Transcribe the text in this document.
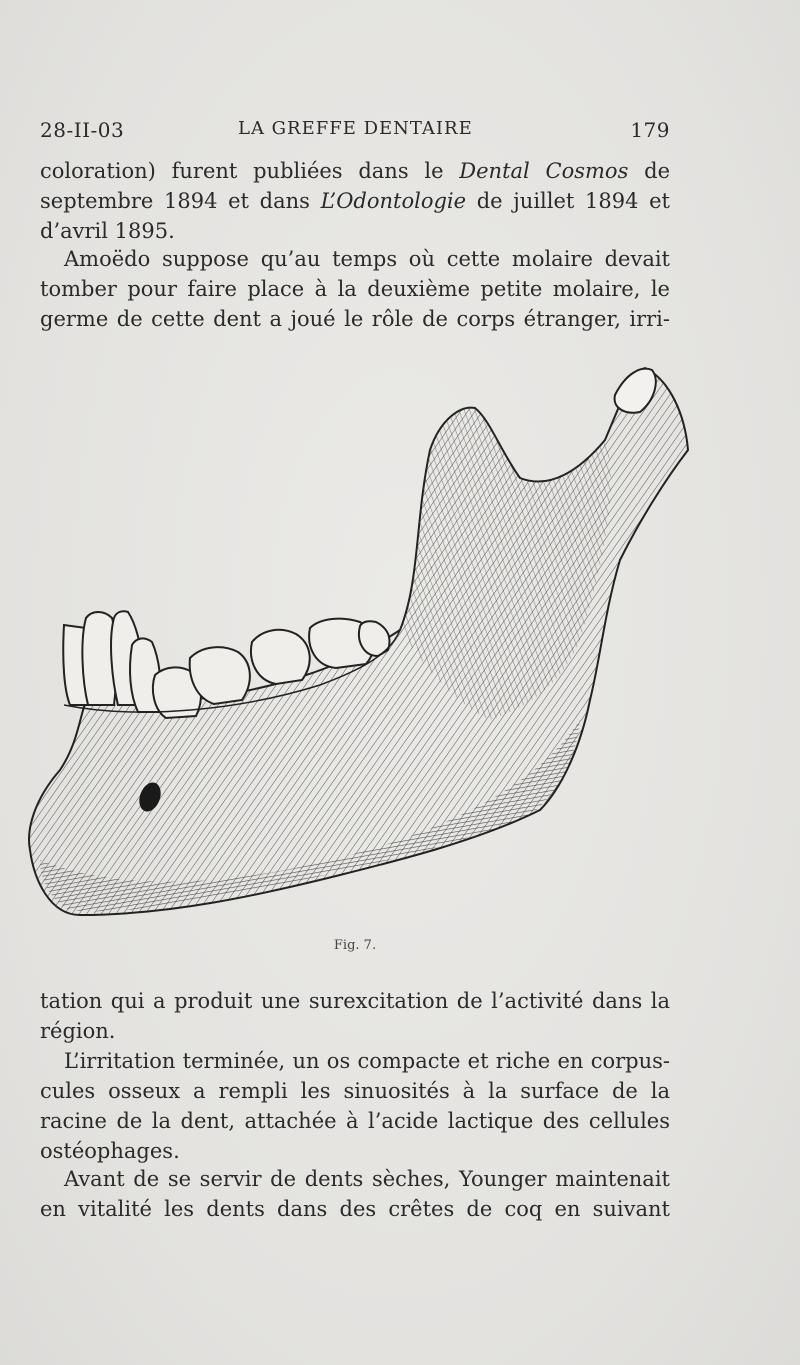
28-II-03	LA GREFFE DENTAIRE	179
coloration) furent publiées dans le Dental Cosmos de
septembre 1894 et dans L’Odontologie de juillet 1894 et
d’avril 1895.
Amoëdo suppose qu’au temps où cette molaire devait
tomber pour faire place à la deuxième petite molaire, le
germe de cette dent a joué le rôle de corps étranger, irri-
Fig. 7.
tation qui a produit une surexcitation de l’activité dans la
région.
L’irritation terminée, un os compacte et riche en corpus-
cules osseux a rempli les sinuosités à la surface de la
racine de la dent, attachée à l’acide lactique des cellules
ostéophages.
Avant de se servir de dents sèches, Younger maintenait
en vitalité les dents dans des crêtes de coq en suivant
